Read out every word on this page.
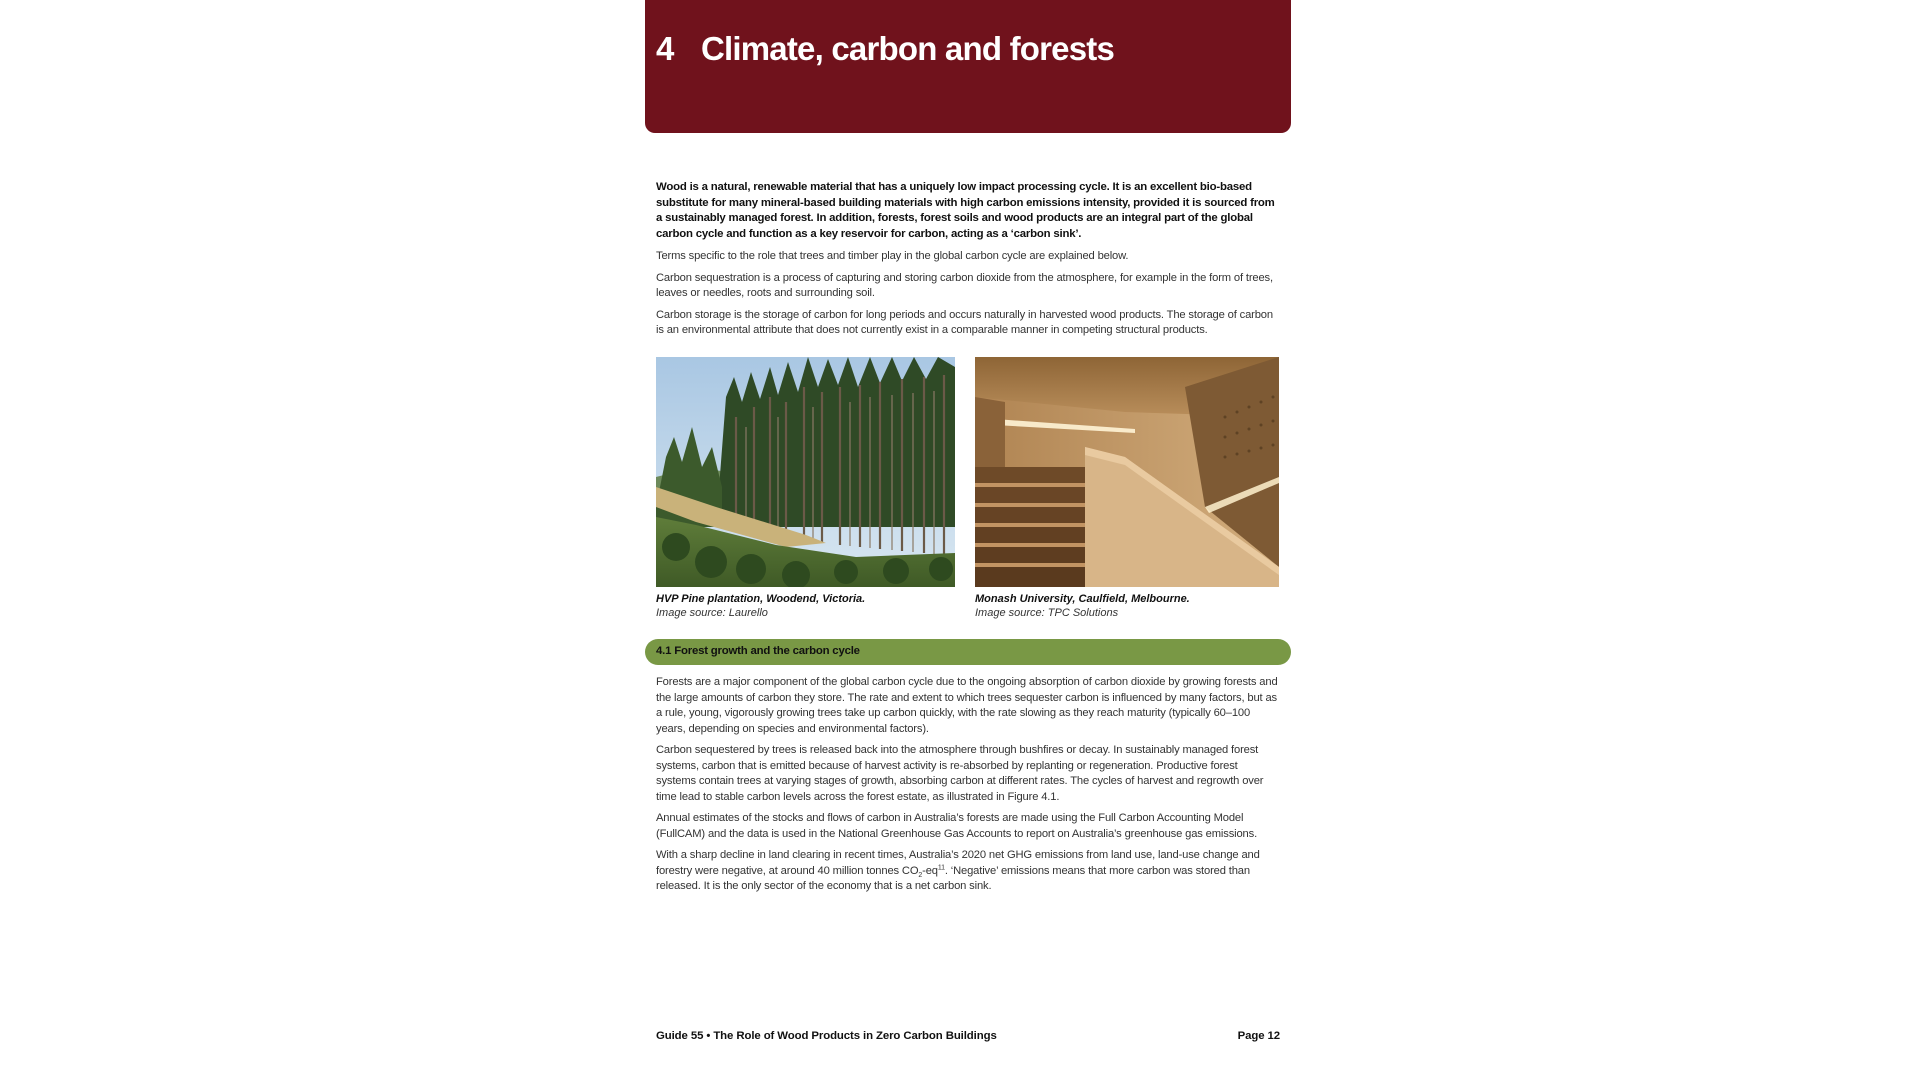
4 Climate, carbon and forests

Wood is a natural, renewable material that has a uniquely low impact processing cycle. It is an excellent bio-based substitute for many mineral-based building materials with high carbon emissions intensity, provided it is sourced from a sustainably managed forest. In addition, forests, forest soils and wood products are an integral part of the global carbon cycle and function as a key reservoir for carbon, acting as a ‘carbon sink’.

Terms specific to the role that trees and timber play in the global carbon cycle are explained below.

Carbon sequestration is a process of capturing and storing carbon dioxide from the atmosphere, for example in the form of trees, leaves or needles, roots and surrounding soil.

Carbon storage is the storage of carbon for long periods and occurs naturally in harvested wood products. The storage of carbon is an environmental attribute that does not currently exist in a comparable manner in competing structural products.

HVP Pine plantation, Woodend, Victoria.
Image source: Laurello
Monash University, Caulfield, Melbourne.
Image source: TPC Solutions
4.1 Forest growth and the carbon cycle

Forests are a major component of the global carbon cycle due to the ongoing absorption of carbon dioxide by growing forests and the large amounts of carbon they store. The rate and extent to which trees sequester carbon is influenced by many factors, but as a rule, young, vigorously growing trees take up carbon quickly, with the rate slowing as they reach maturity (typically 60–100 years, depending on species and environmental factors).

Carbon sequestered by trees is released back into the atmosphere through bushfires or decay. In sustainably managed forest systems, carbon that is emitted because of harvest activity is re-absorbed by replanting or regeneration. Productive forest systems contain trees at varying stages of growth, absorbing carbon at different rates. The cycles of harvest and regrowth over time lead to stable carbon levels across the forest estate, as illustrated in Figure 4.1.

Annual estimates of the stocks and flows of carbon in Australia’s forests are made using the Full Carbon Accounting Model (FullCAM) and the data is used in the National Greenhouse Gas Accounts to report on Australia’s greenhouse gas emissions.

With a sharp decline in land clearing in recent times, Australia’s 2020 net GHG emissions from land use, land-use change and forestry were negative, at around 40 million tonnes $CO_2-eq^{11}$. ‘Negative’ emissions means that more carbon was stored than released. It is the only sector of the economy that is a net carbon sink.

Guide 55 • The Role of Wood Products in Zero Carbon Buildings	Page 12
